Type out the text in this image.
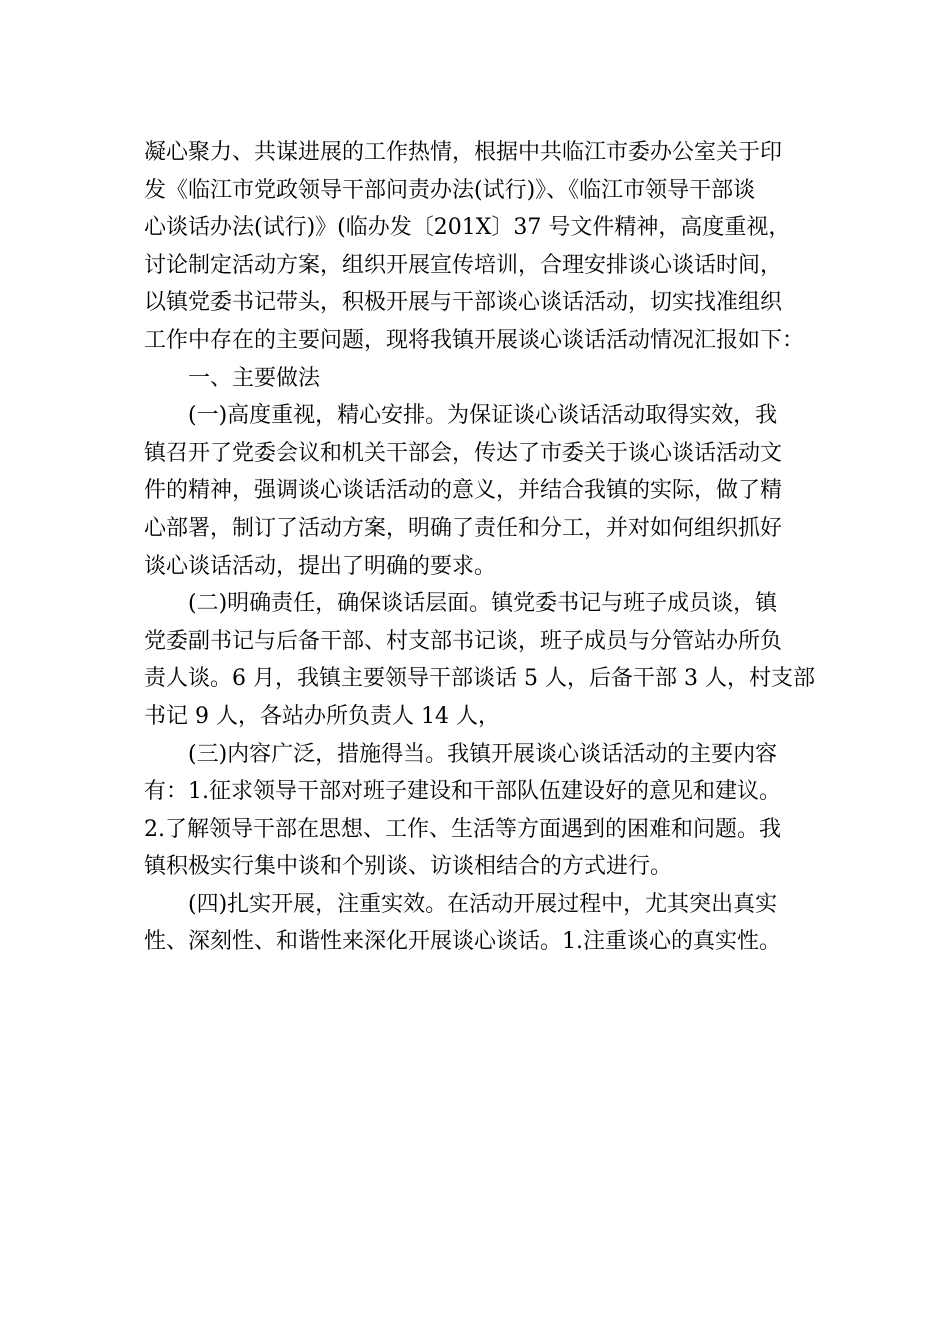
凝心聚力、共谋进展的工作热情，根据中共临江市委办公室关于印
发《临江市党政领导干部问责办法(试行)》、《临江市领导干部谈
心谈话办法(试行)》(临办发〔201X〕37 号文件精神，高度重视，
讨论制定活动方案，组织开展宣传培训，合理安排谈心谈话时间，
以镇党委书记带头，积极开展与干部谈心谈话活动，切实找准组织
工作中存在的主要问题，现将我镇开展谈心谈话活动情况汇报如下：
一、主要做法
(一)高度重视，精心安排。为保证谈心谈话活动取得实效，我
镇召开了党委会议和机关干部会，传达了市委关于谈心谈话活动文
件的精神，强调谈心谈话活动的意义，并结合我镇的实际，做了精
心部署，制订了活动方案，明确了责任和分工，并对如何组织抓好
谈心谈话活动，提出了明确的要求。
(二)明确责任，确保谈话层面。镇党委书记与班子成员谈，镇
党委副书记与后备干部、村支部书记谈，班子成员与分管站办所负
责人谈。6 月，我镇主要领导干部谈话 5 人，后备干部 3 人，村支部
书记 9 人，各站办所负责人 14 人，
(三)内容广泛，措施得当。我镇开展谈心谈话活动的主要内容
有：1.征求领导干部对班子建设和干部队伍建设好的意见和建议。
2.了解领导干部在思想、工作、生活等方面遇到的困难和问题。我
镇积极实行集中谈和个别谈、访谈相结合的方式进行。
(四)扎实开展，注重实效。在活动开展过程中，尤其突出真实
性、深刻性、和谐性来深化开展谈心谈话。1.注重谈心的真实性。
